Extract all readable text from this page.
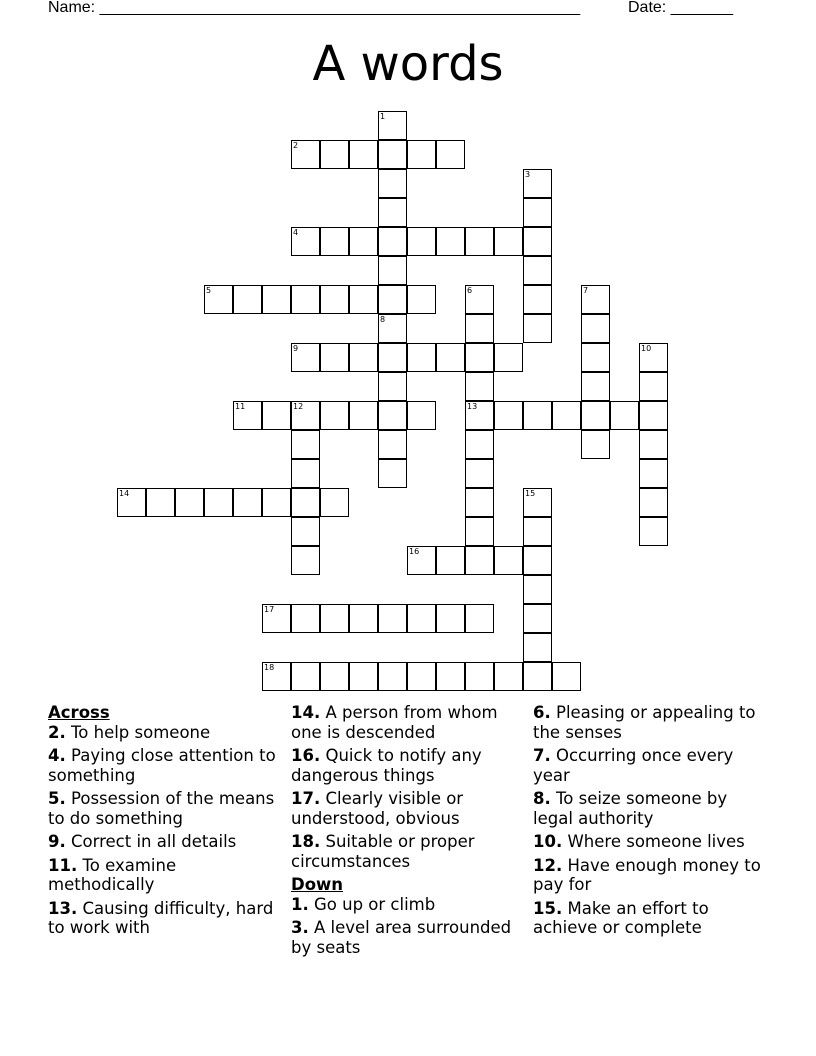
Name: ______________________________________________________	Date: _______
A words
1
2
3
4
5	6
13
7
8
9	10
11	12
14	15
16
17
18
Across
2. To help someone
4. Paying close attention to something
5. Possession of the means to do something
9. Correct in all details
11. To examine methodically
13. Causing difficulty, hard to work with
14. A person from whom one is descended
16. Quick to notify any dangerous things
17. Clearly visible or understood, obvious
18. Suitable or proper circumstances
Down
1. Go up or climb
3. A level area surrounded by seats
6. Pleasing or appealing to the senses
7. Occurring once every year
8. To seize someone by legal authority
10. Where someone lives
12. Have enough money to pay for
15. Make an effort to achieve or complete
